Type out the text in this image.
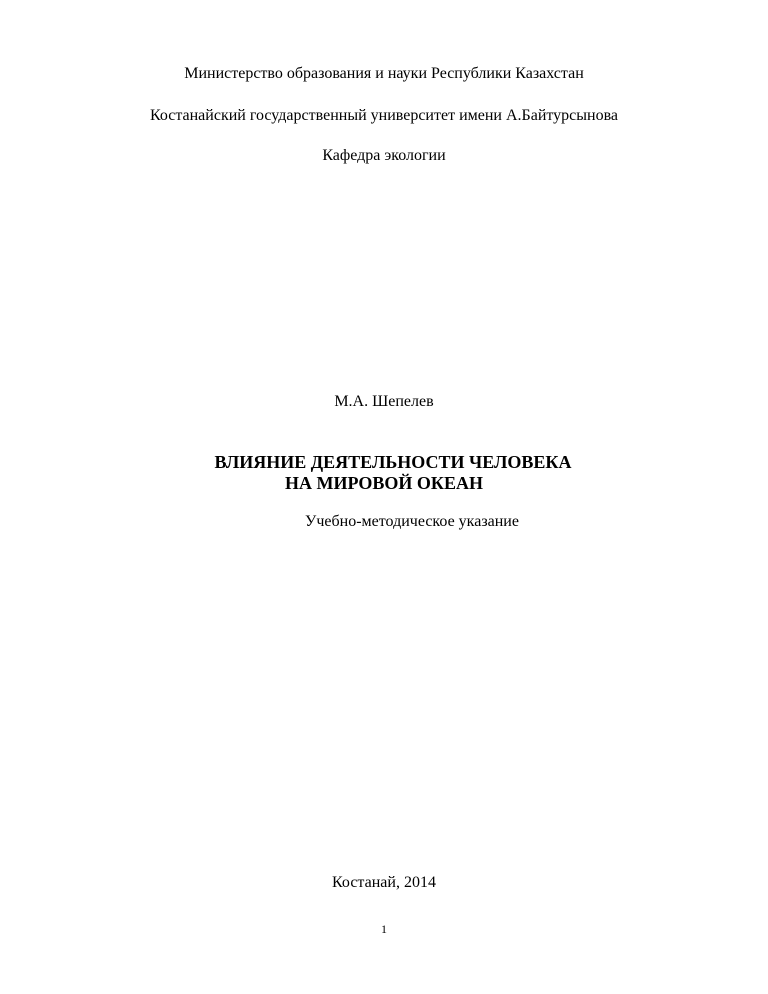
Министерство образования и науки Республики Казахстан
Костанайский государственный университет имени А.Байтурсынова
Кафедра экологии
М.А. Шепелев
ВЛИЯНИЕ ДЕЯТЕЛЬНОСТИ ЧЕЛОВЕКА
НА МИРОВОЙ ОКЕАН
Учебно-методическое указание
Костанай, 2014
1
